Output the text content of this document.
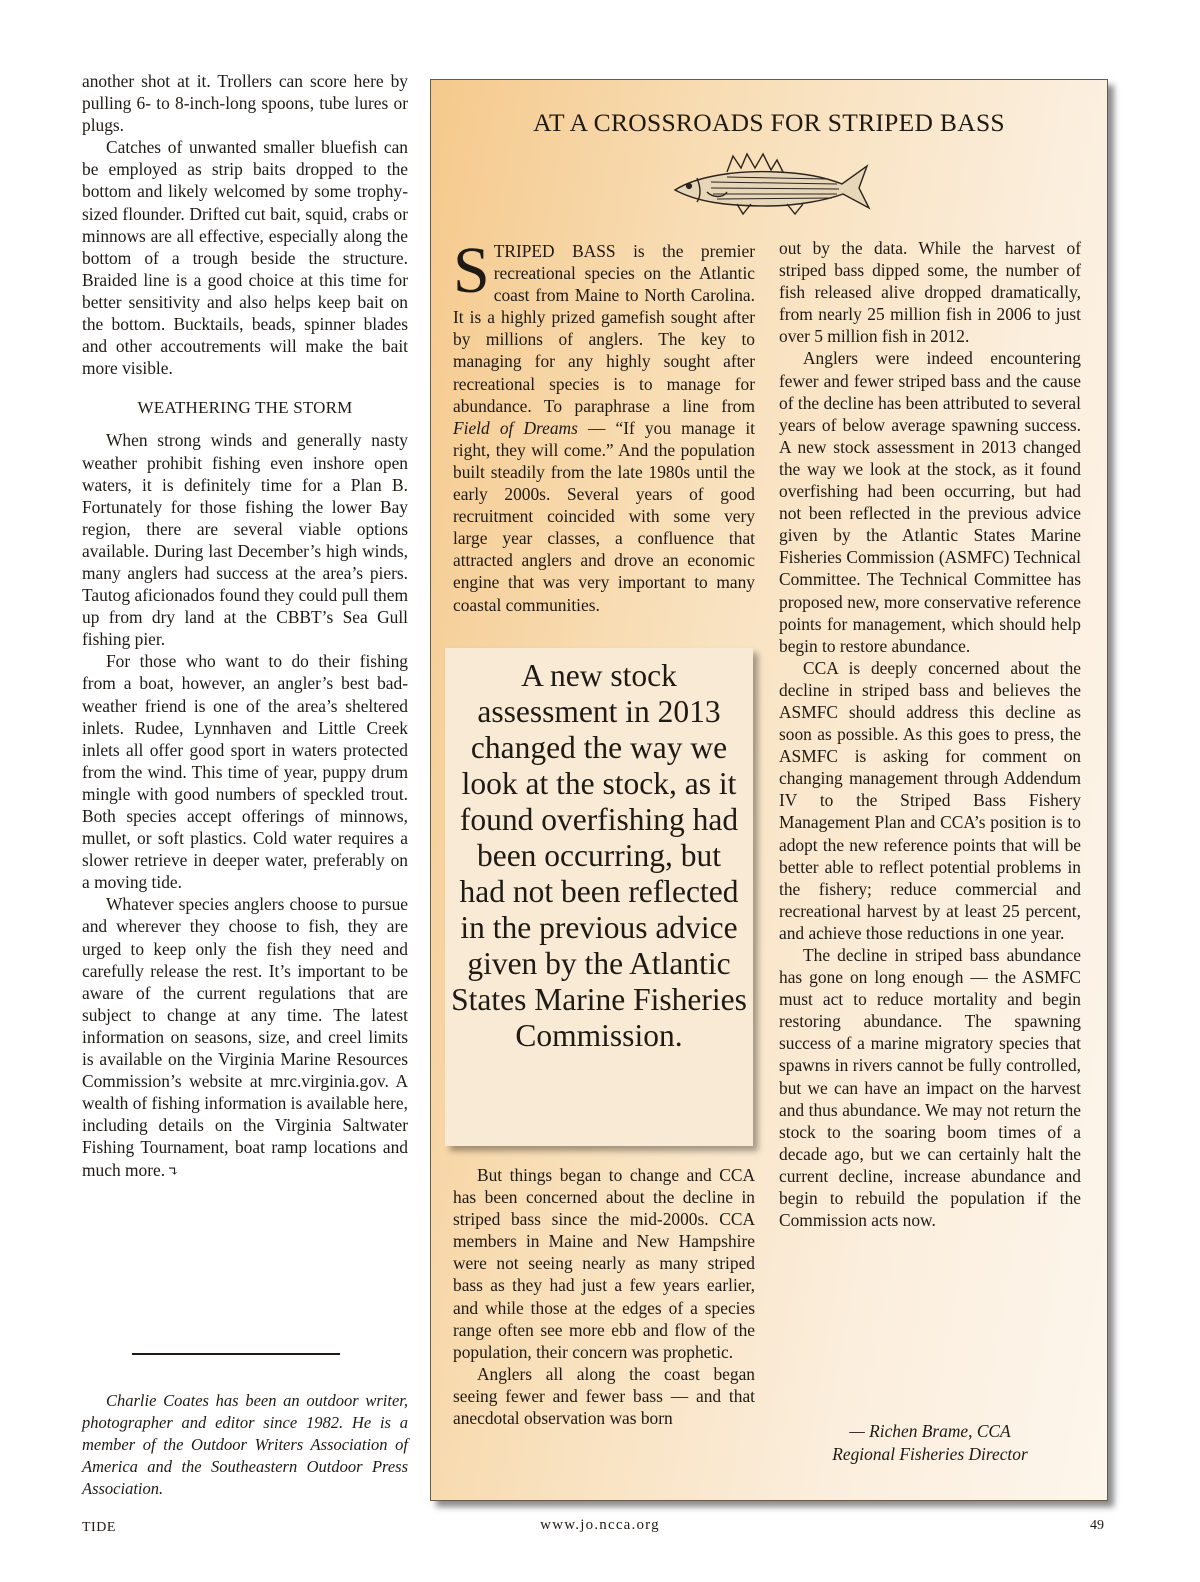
another shot at it. Trollers can score here by pulling 6- to 8-inch-long spoons, tube lures or plugs.

Catches of unwanted smaller bluefish can be employed as strip baits dropped to the bottom and likely welcomed by some trophy-sized flounder. Drifted cut bait, squid, crabs or minnows are all effective, especially along the bottom of a trough beside the structure. Braided line is a good choice at this time for better sensitivity and also helps keep bait on the bottom. Bucktails, beads, spinner blades and other accoutrements will make the bait more visible.

WEATHERING THE STORM

When strong winds and generally nasty weather prohibit fishing even inshore open waters, it is definitely time for a Plan B. Fortunately for those fishing the lower Bay region, there are several viable options available. During last December’s high winds, many anglers had success at the area’s piers. Tautog aficionados found they could pull them up from dry land at the CBBT’s Sea Gull fishing pier.

For those who want to do their fishing from a boat, however, an angler’s best bad-weather friend is one of the area’s sheltered inlets. Rudee, Lynnhaven and Little Creek inlets all offer good sport in waters protected from the wind. This time of year, puppy drum mingle with good numbers of speckled trout. Both species accept offerings of minnows, mullet, or soft plastics. Cold water requires a slower retrieve in deeper water, preferably on a moving tide.

Whatever species anglers choose to pursue and wherever they choose to fish, they are urged to keep only the fish they need and carefully release the rest. It’s important to be aware of the current regulations that are subject to change at any time. The latest information on seasons, size, and creel limits is available on the Virginia Marine Resources Commission’s website at mrc.virginia.gov. A wealth of fishing information is available here, including details on the Virginia Saltwater Fishing Tournament, boat ramp locations and much more. ↴

Charlie Coates has been an outdoor writer, photographer and editor since 1982. He is a member of the Outdoor Writers Association of America and the Southeastern Outdoor Press Association.

AT A CROSSROADS FOR STRIPED BASS

STRIPED BASS is the premier recreational species on the Atlantic coast from Maine to North Carolina. It is a highly prized gamefish sought after by millions of anglers. The key to managing for any highly sought after recreational species is to manage for abundance. To paraphrase a line from Field of Dreams — “If you manage it right, they will come.” And the population built steadily from the late 1980s until the early 2000s. Several years of good recruitment coincided with some very large year classes, a confluence that attracted anglers and drove an economic engine that was very important to many coastal communities.

A new stock assessment in 2013 changed the way we look at the stock, as it found overfishing had been occurring, but had not been reflected in the previous advice given by the Atlantic States Marine Fisheries Commission.

But things began to change and CCA has been concerned about the decline in striped bass since the mid-2000s. CCA members in Maine and New Hampshire were not seeing nearly as many striped bass as they had just a few years earlier, and while those at the edges of a species range often see more ebb and flow of the population, their concern was prophetic.

Anglers all along the coast began seeing fewer and fewer bass — and that anecdotal observation was born

out by the data. While the harvest of striped bass dipped some, the number of fish released alive dropped dramatically, from nearly 25 million fish in 2006 to just over 5 million fish in 2012.

Anglers were indeed encountering fewer and fewer striped bass and the cause of the decline has been attributed to several years of below average spawning success. A new stock assessment in 2013 changed the way we look at the stock, as it found overfishing had been occurring, but had not been reflected in the previous advice given by the Atlantic States Marine Fisheries Commission (ASMFC) Technical Committee. The Technical Committee has proposed new, more conservative reference points for management, which should help begin to restore abundance.

CCA is deeply concerned about the decline in striped bass and believes the ASMFC should address this decline as soon as possible. As this goes to press, the ASMFC is asking for comment on changing management through Addendum IV to the Striped Bass Fishery Management Plan and CCA’s position is to adopt the new reference points that will be better able to reflect potential problems in the fishery; reduce commercial and recreational harvest by at least 25 percent, and achieve those reductions in one year.

The decline in striped bass abundance has gone on long enough — the ASMFC must act to reduce mortality and begin restoring abundance. The spawning success of a marine migratory species that spawns in rivers cannot be fully controlled, but we can have an impact on the harvest and thus abundance. We may not return the stock to the soaring boom times of a decade ago, but we can certainly halt the current decline, increase abundance and begin to rebuild the population if the Commission acts now.

— Richen Brame, CCA
Regional Fisheries Director
TIDE	www.jo.ncca.org	49
